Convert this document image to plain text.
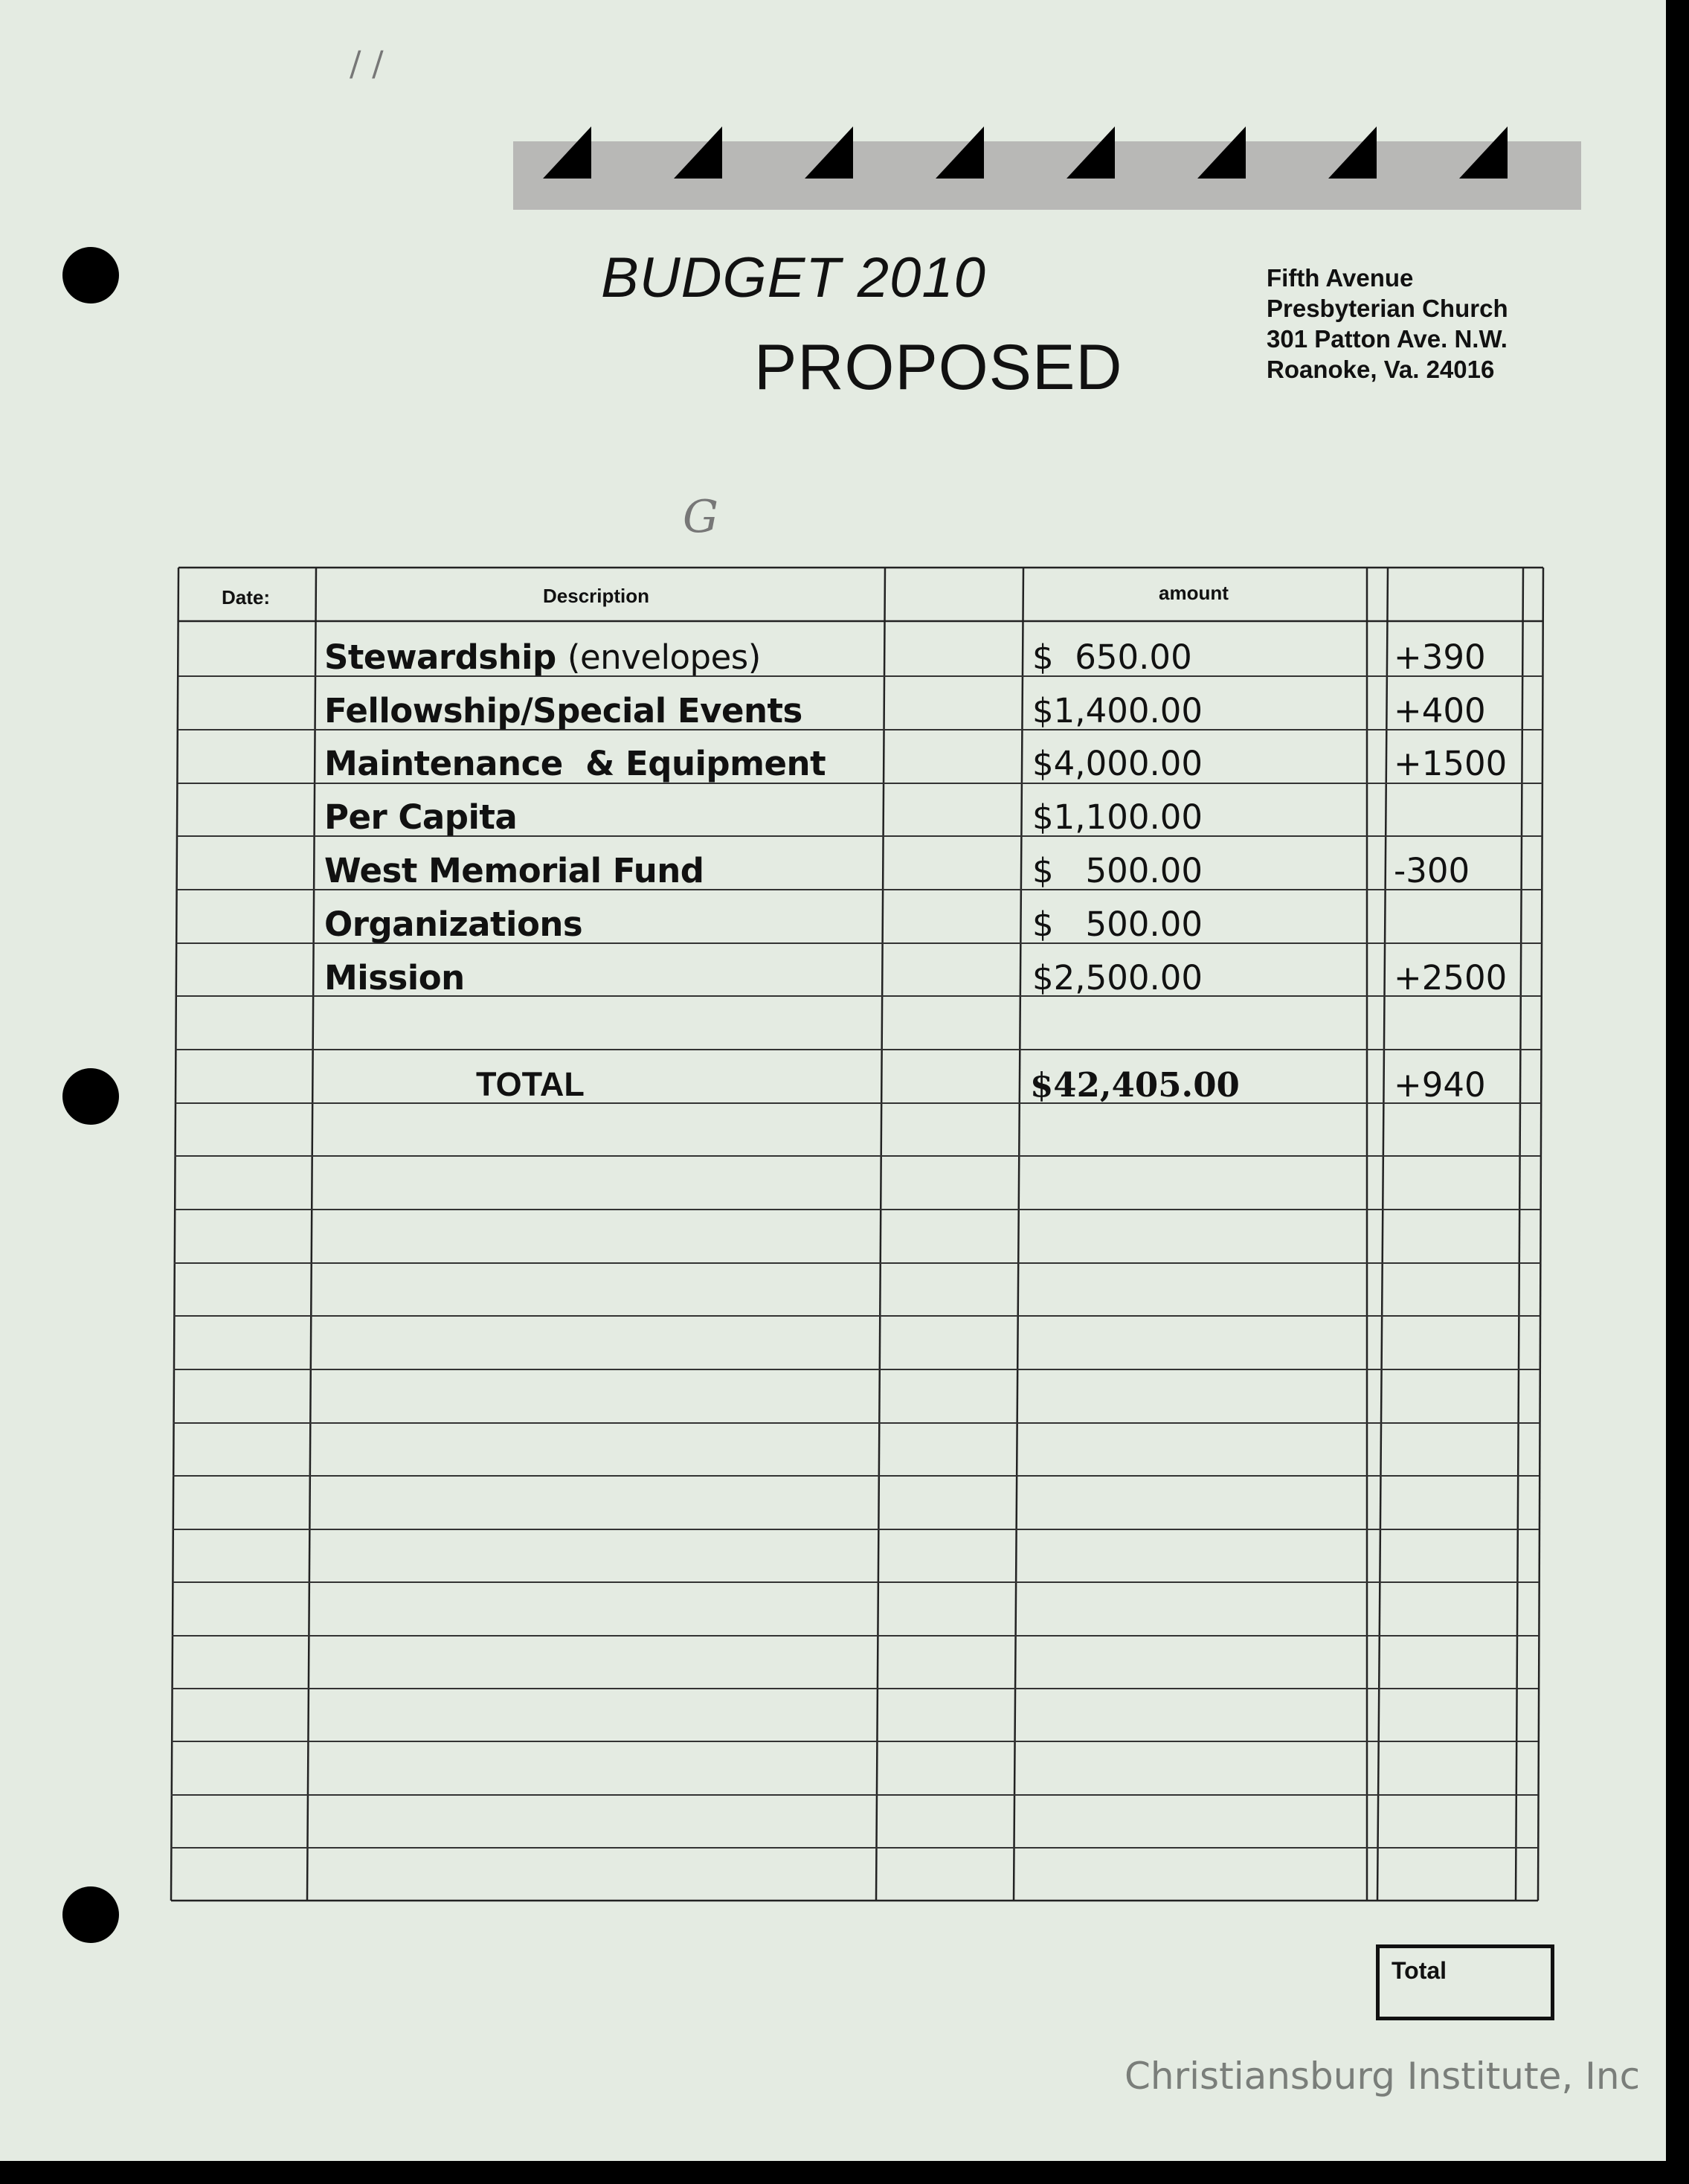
/ /
BUDGET 2010
PROPOSED
Fifth Avenue
Presbyterian Church
301 Patton Ave. N.W.
Roanoke, Va. 24016
G
Date:	Description	amount
Stewardship (envelopes)	$  650.00	+390
Fellowship/Special Events	$1,400.00	+400
Maintenance  & Equipment	$4,000.00	+1500
Per Capita	$1,100.00
West Memorial Fund	$   500.00	-300
Organizations	$   500.00
Mission	$2,500.00	+2500
TOTAL	$42,405.00	+940
Total
Christiansburg Institute, Inc
